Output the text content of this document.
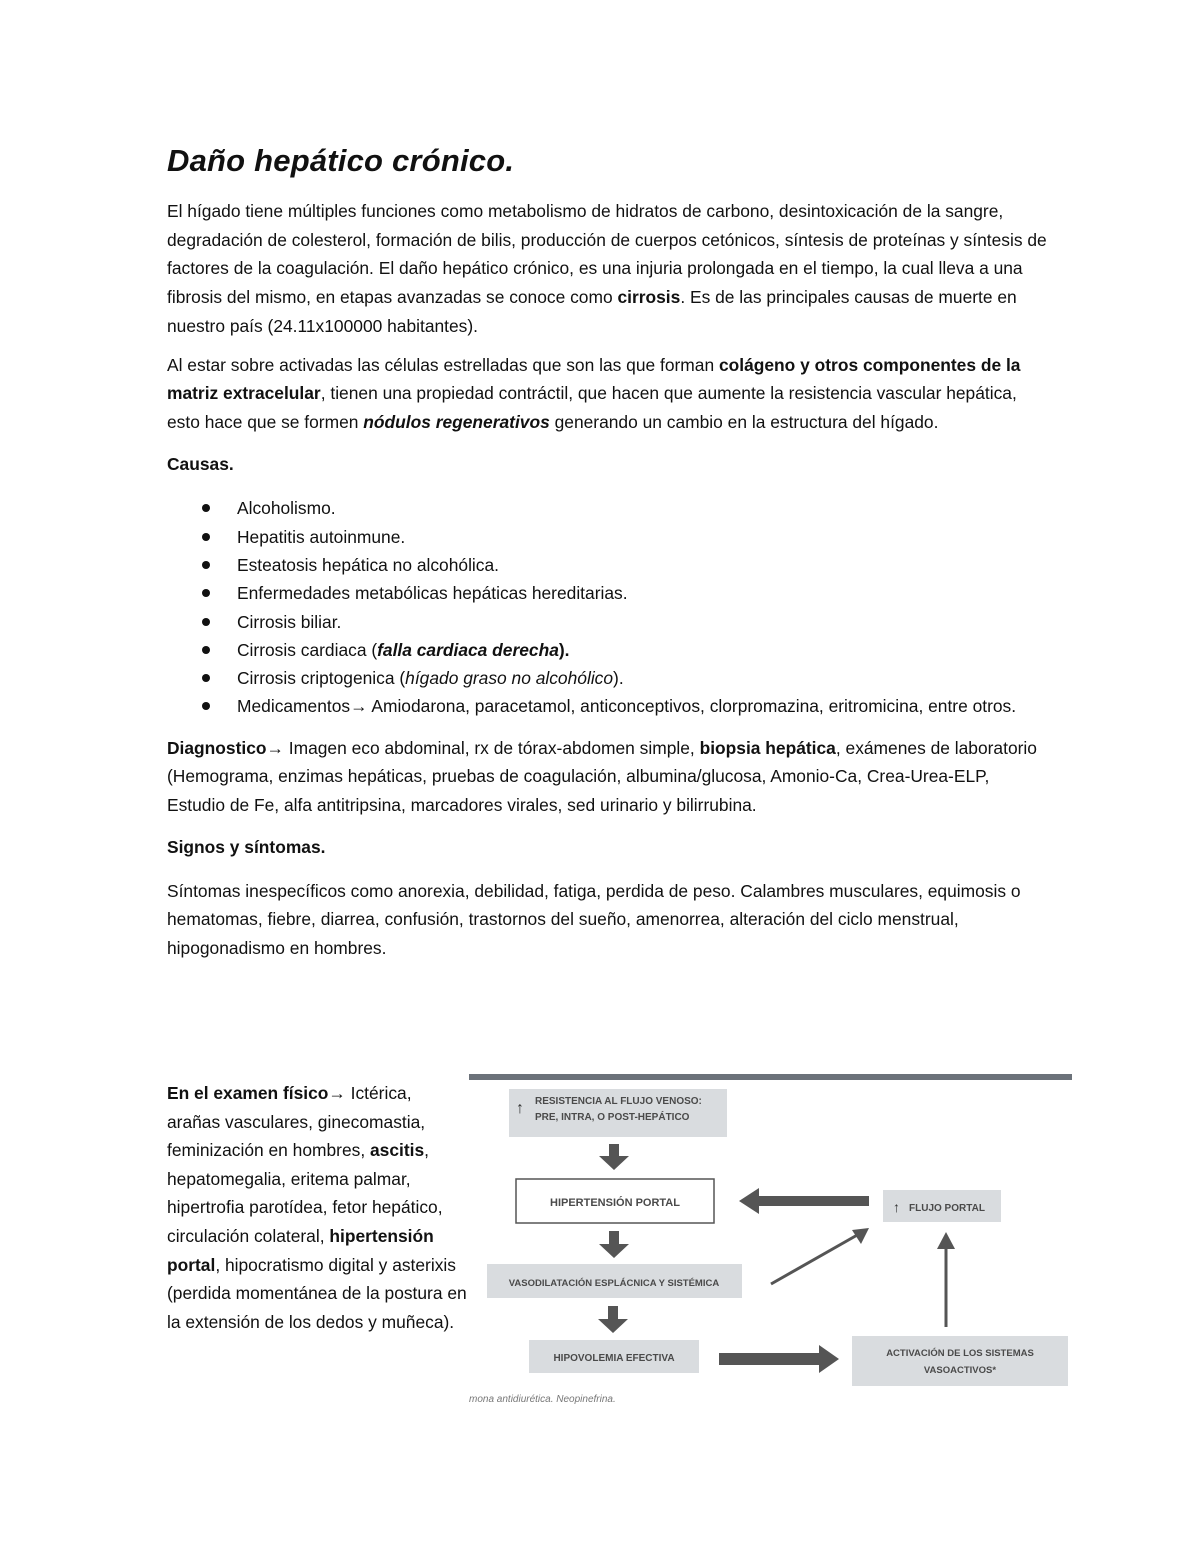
Daño hepático crónico.

El hígado tiene múltiples funciones como metabolismo de hidratos de carbono, desintoxicación de la sangre, degradación de colesterol, formación de bilis, producción de cuerpos cetónicos, síntesis de proteínas y síntesis de factores de la coagulación. El daño hepático crónico, es una injuria prolongada en el tiempo, la cual lleva a una fibrosis del mismo, en etapas avanzadas se conoce como cirrosis. Es de las principales causas de muerte en nuestro país (24.11x100000 habitantes).

Al estar sobre activadas las células estrelladas que son las que forman colágeno y otros componentes de la matriz extracelular, tienen una propiedad contráctil, que hacen que aumente la resistencia vascular hepática, esto hace que se formen nódulos regenerativos generando un cambio en la estructura del hígado.

Causas.

Alcoholismo.
Hepatitis autoinmune.
Esteatosis hepática no alcohólica.
Enfermedades metabólicas hepáticas hereditarias.
Cirrosis biliar.
Cirrosis cardiaca (falla cardiaca derecha).
Cirrosis criptogenica (hígado graso no alcohólico).
Medicamentos→ Amiodarona, paracetamol, anticonceptivos, clorpromazina, eritromicina, entre otros.

Diagnostico→ Imagen eco abdominal, rx de tórax-abdomen simple, biopsia hepática, exámenes de laboratorio (Hemograma, enzimas hepáticas, pruebas de coagulación, albumina/glucosa, Amonio-Ca, Crea-Urea-ELP, Estudio de Fe, alfa antitripsina, marcadores virales, sed urinario y bilirrubina.

Signos y síntomas.

Síntomas inespecíficos como anorexia, debilidad, fatiga, perdida de peso. Calambres musculares, equimosis o hematomas, fiebre, diarrea, confusión, trastornos del sueño, amenorrea, alteración del ciclo menstrual, hipogonadismo en hombres.

En el examen físico→ Ictérica, arañas vasculares, ginecomastia, feminización en hombres, ascitis, hepatomegalia, eritema palmar, hipertrofia parotídea, fetor hepático, circulación colateral, hipertensión portal, hipocratismo digital y asterixis (perdida momentánea de la postura en la extensión de los dedos y muñeca).

↑ RESISTENCIA AL FLUJO VENOSO:
PRE, INTRA, O POST-HEPÁTICO
HIPERTENSIÓN PORTAL	↑ FLUJO PORTAL
VASODILATACIÓN ESPLÁCNICA Y SISTÉMICA
HIPOVOLEMIA EFECTIVA	ACTIVACIÓN DE LOS SISTEMAS
VASOACTIVOS*
mona antidiurética. Neopinefrina.
